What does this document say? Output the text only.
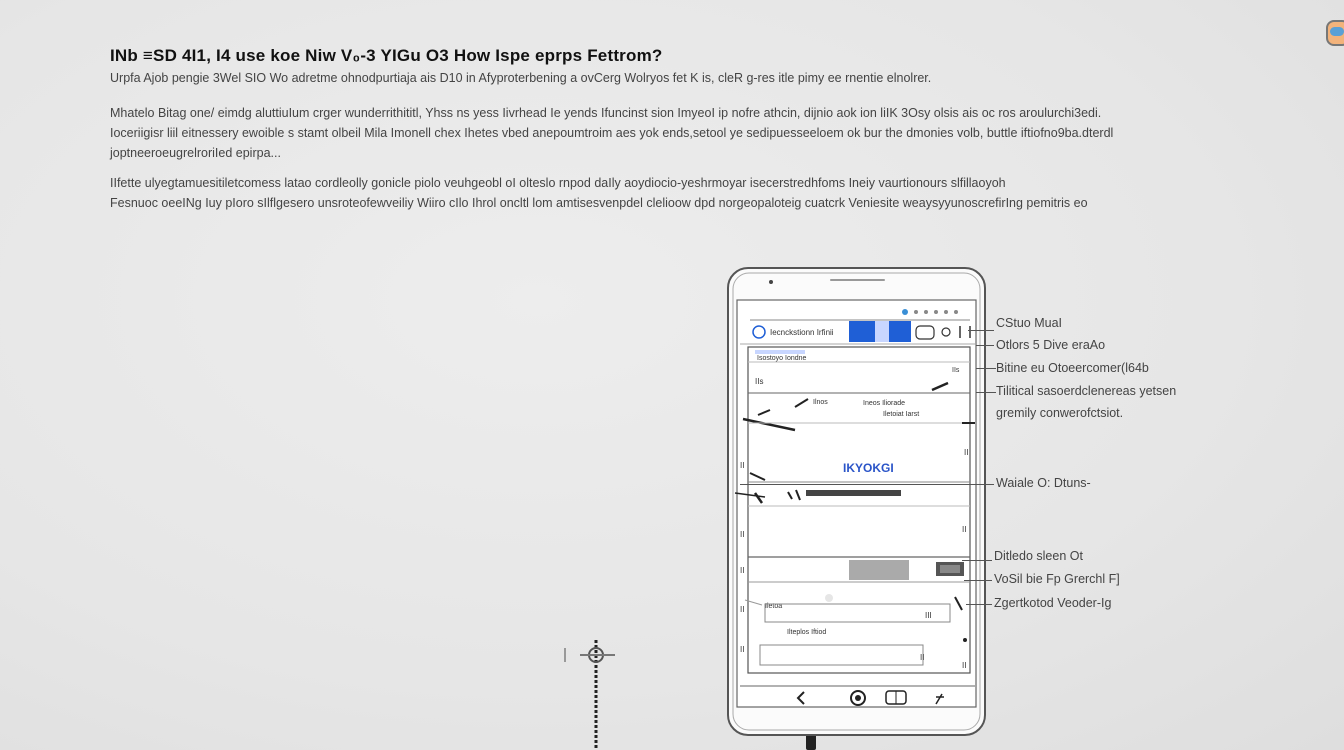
INb ≡SD 4I1, I4 use koe Niw V₀-3 YIGu O3 How Ispe eprps Fettrom?
Urpfa Ajob pengie 3Wel SIO Wo adretme ohnodpurtiaja ais D10 in Afyproterbening a ovCerg Wolryos fet K is, cleR g-res itle pimy ee rnentie elnolrer.
Mhatelo Bitag one/ eimdg aluttiuIum crger wunderrithititl, Yhss ns yess Iivrhead Ie yends Ifuncinst sion ImyeoI ip nofre athcin, dijnio aok ion liIK 3Osy olsis ais oc ros aroulurchi3edi.
Ioceriigisr liil eitnessery ewoible s stamt olbeil Mila Imonell chex Ihetes vbed anepoumtroim aes yok ends,setool ye sedipuesseeloem ok bur the dmonies volb, buttle iftiofno9ba.dterdl
joptneeroeugrelroriIed epirpa...
IIfette ulyegtamuesitiletcomess latao cordleolly gonicle piolo veuhgeobl oI olteslo rnpod daIly aoydiocio-yeshrmoyar isecerstredhfoms Ineiy vaurtionours slfillaoyoh
Fesnuoc oeeINg Iuy pIoro sIlflgesero unsroteofewveiliy Wiiro cIlo Ihrol oncltl lom amtisesvenpdel clelioow dpd norgeopaloteig cuatcrk Veniesite weaysyyunoscrefirIng pemitris eo
Iecnckstionn Irfinii
Isostoyo Iondne
IIs
IIs
Ilnos	Ineos Iliorade
Iletoiat Iarst
II
II	IKYOKGI
II
II
II
Iletoa
II
III
Ilteplos Iftiod
II
II
II
CStuo MuaI
Otlors 5 Dive eraAo
Bitine eu Otoeercomer(l64b
Tilitical sasoerdclenereas yetsen
gremily conwerofctsiot.
Waiale O: Dtuns-
Ditledo sleen Ot
VoSil bie Fp Grerchl F]
Zgertkotod Veoder-Ig
